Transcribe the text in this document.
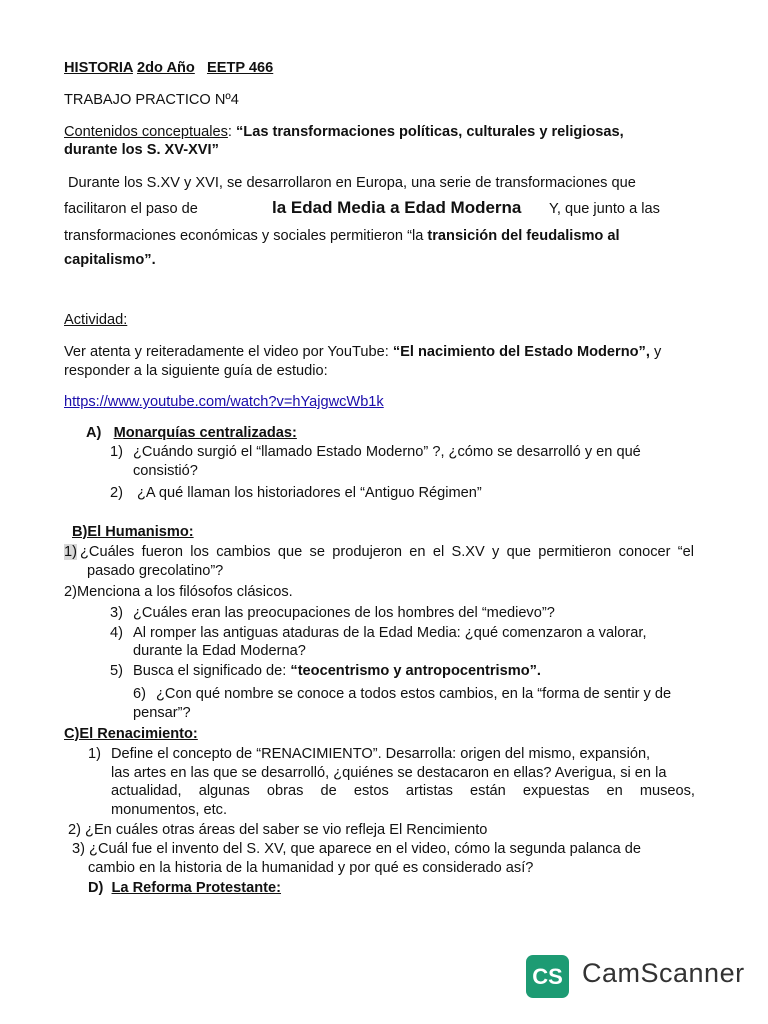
HISTORIA 2do Año EETP 466
TRABAJO PRACTICO Nº4
Contenidos conceptuales: “Las transformaciones políticas, culturales y religiosas,
durante los S. XV-XVI”
Durante los S.XV y XVI, se desarrollaron en Europa, una serie de transformaciones que
facilitaron el paso de	la Edad Media a Edad Moderna Y, que junto a las
transformaciones económicas y sociales permitieron “la transición del feudalismo al
capitalismo”.
Actividad:
Ver atenta y reiteradamente el video por YouTube: “El nacimiento del Estado Moderno”, y
responder a la siguiente guía de estudio:
https://www.youtube.com/watch?v=hYajgwcWb1k
A) Monarquías centralizadas:
1) ¿Cuándo surgió el “llamado Estado Moderno” ?, ¿cómo se desarrolló y en qué
consistió?
2) ¿A qué llaman los historiadores el “Antiguo Régimen”
B)El Humanismo:
1) ¿Cuáles fueron los cambios que se produjeron en el S.XV y que permitieron conocer “el
pasado grecolatino”?
2)Menciona a los filósofos clásicos.
3) ¿Cuáles eran las preocupaciones de los hombres del “medievo”?
4) Al romper las antiguas ataduras de la Edad Media: ¿qué comenzaron a valorar,
durante la Edad Moderna?
5) Busca el significado de: “teocentrismo y antropocentrismo”.
6) ¿Con qué nombre se conoce a todos estos cambios, en la “forma de sentir y de
pensar”?
C)El Renacimiento:
1) Define el concepto de “RENACIMIENTO”. Desarrolla: origen del mismo, expansión,
las artes en las que se desarrolló, ¿quiénes se destacaron en ellas? Averigua, si en la
actualidad, algunas obras de estos artistas están expuestas en museos,
monumentos, etc.
2) ¿En cuáles otras áreas del saber se vio refleja El Rencimiento
3) ¿Cuál fue el invento del S. XV, que aparece en el video, cómo la segunda palanca de
cambio en la historia de la humanidad y por qué es considerado así?
D) La Reforma Protestante:
CS CamScanner
